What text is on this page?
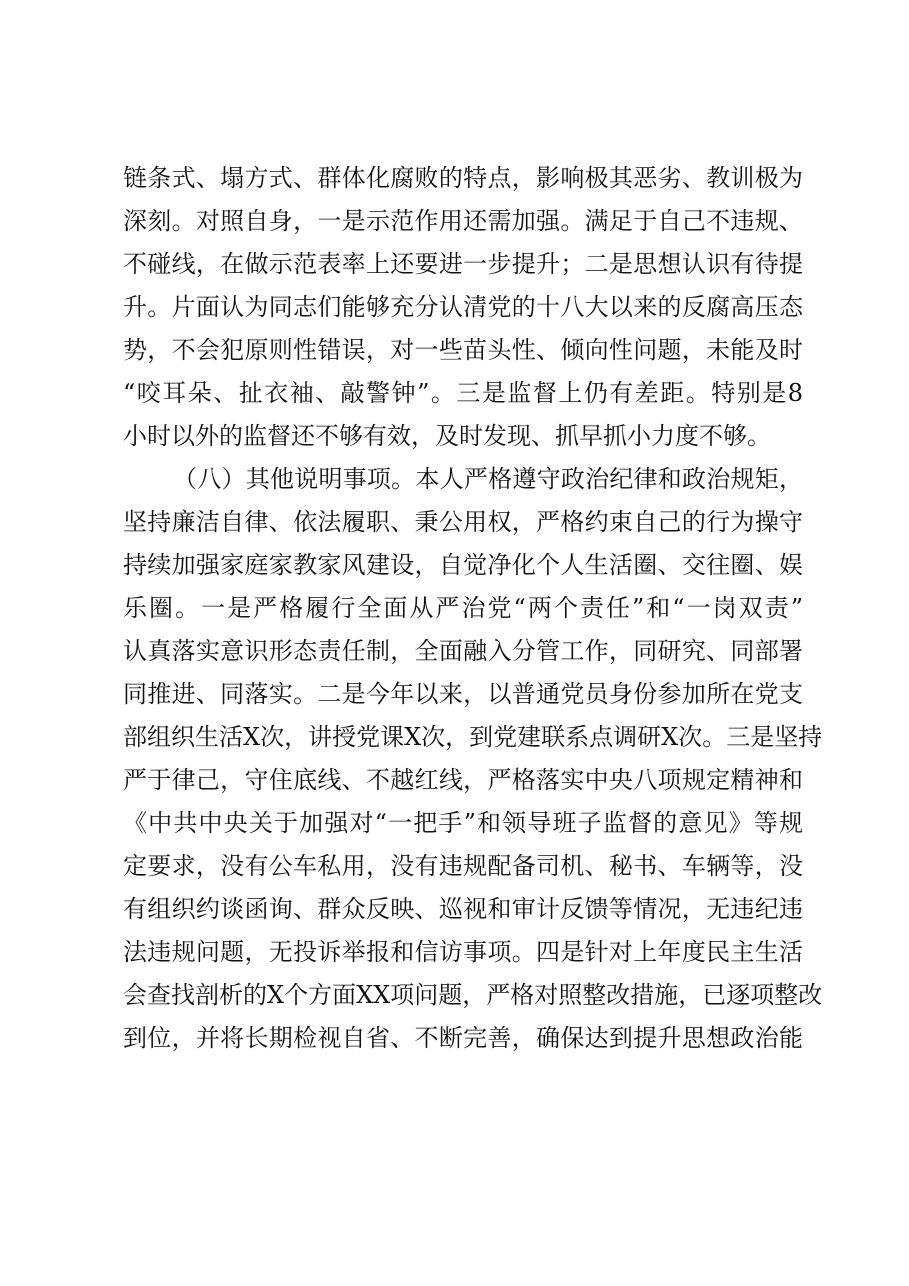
链条式、塌方式、群体化腐败的特点，影响极其恶劣、教训极为
深刻。对照自身，一是示范作用还需加强。满足于自己不违规、
不碰线，在做示范表率上还要进一步提升；二是思想认识有待提
升。片面认为同志们能够充分认清党的十八大以来的反腐高压态
势，不会犯原则性错误，对一些苗头性、倾向性问题，未能及时
“咬耳朵、扯衣袖、敲警钟”。三是监督上仍有差距。特别是8
小时以外的监督还不够有效，及时发现、抓早抓小力度不够。
（八）其他说明事项。本人严格遵守政治纪律和政治规矩，
坚持廉洁自律、依法履职、秉公用权，严格约束自己的行为操守
持续加强家庭家教家风建设，自觉净化个人生活圈、交往圈、娱
乐圈。一是严格履行全面从严治党“两个责任”和“一岗双责”
认真落实意识形态责任制，全面融入分管工作，同研究、同部署
同推进、同落实。二是今年以来，以普通党员身份参加所在党支
部组织生活X次，讲授党课X次，到党建联系点调研X次。三是坚持
严于律己，守住底线、不越红线，严格落实中央八项规定精神和
《中共中央关于加强对“一把手”和领导班子监督的意见》等规
定要求，没有公车私用，没有违规配备司机、秘书、车辆等，没
有组织约谈函询、群众反映、巡视和审计反馈等情况，无违纪违
法违规问题，无投诉举报和信访事项。四是针对上年度民主生活
会查找剖析的X个方面XX项问题，严格对照整改措施，已逐项整改
到位，并将长期检视自省、不断完善，确保达到提升思想政治能
